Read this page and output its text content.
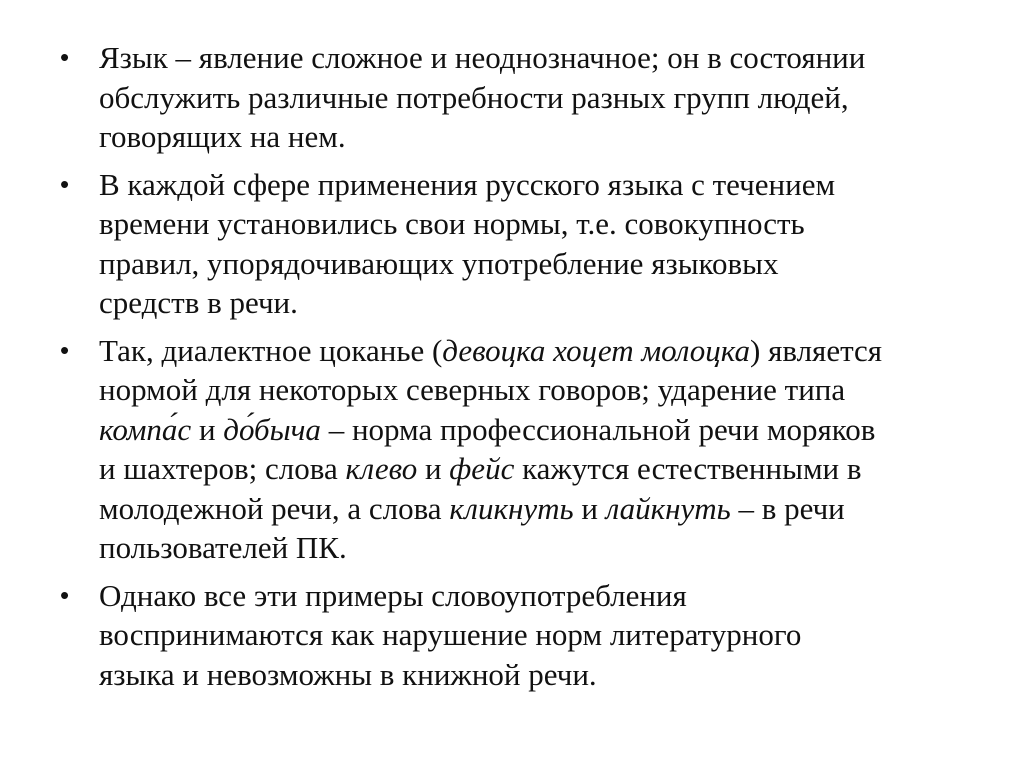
• Язык – явление сложное и неоднозначное; он в состоянии
обслужить различные потребности разных групп людей,
говорящих на нем.
• В каждой сфере применения русского языка с течением
времени установились свои нормы, т.е. совокупность
правил, упорядочивающих употребление языковых
средств в речи.
• Так, диалектное цоканье (девоцка хоцет молоцка) является
нормой для некоторых северных говоров; ударение типа
компа́с и до́быча – норма профессиональной речи моряков
и шахтеров; слова клево и фейс кажутся естественными в
молодежной речи, а слова кликнуть и лайкнуть – в речи
пользователей ПК.
• Однако все эти примеры словоупотребления
воспринимаются как нарушение норм литературного
языка и невозможны в книжной речи.
